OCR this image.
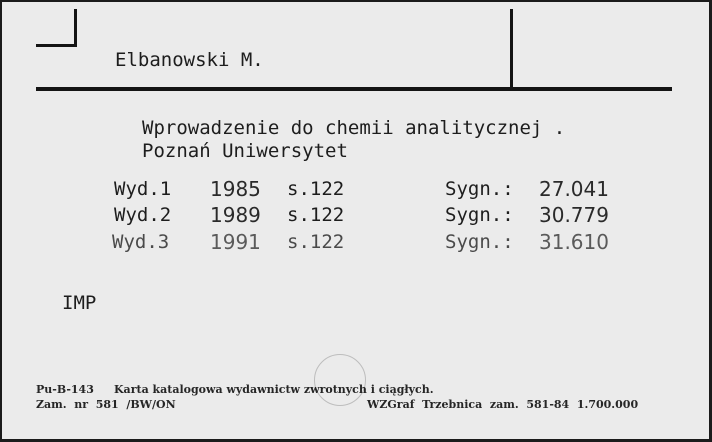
Elbanowski M.
Wprowadzenie do chemii analitycznej .
Poznań Uniwersytet
Wyd.1 1985 s.122	Sygn.: 27.041
Wyd.2 1989 s.122	Sygn.: 30.779
Wyd.3 1991 s.122	Sygn.: 31.610
IMP
Pu-B-143 Karta katalogowa wydawnictw zwrotnych i ciągłych.
Zam.  nr  581  /BW/ON	WZGraf  Trzebnica  zam.  581-84  1.700.000
